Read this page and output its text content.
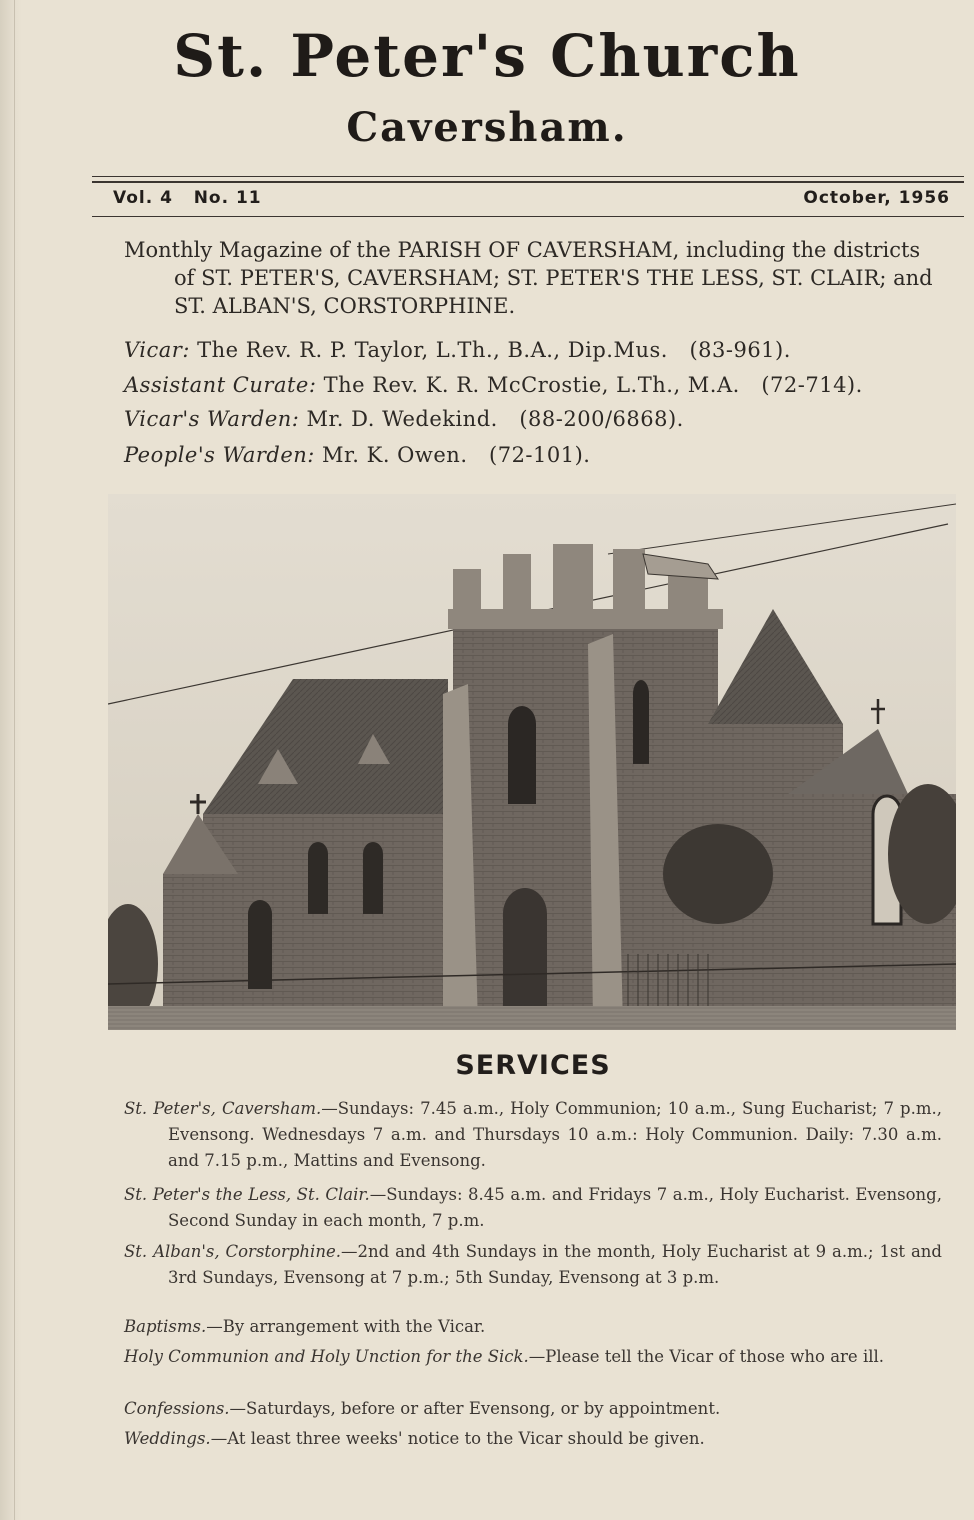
St. Peter's Church
Caversham.
Vol. 4   No. 11	October, 1956

Monthly Magazine of the PARISH OF CAVERSHAM, including the districts of ST. PETER'S, CAVERSHAM; ST. PETER'S THE LESS, ST. CLAIR; and ST. ALBAN'S, CORSTORPHINE.

Vicar: The Rev. R. P. Taylor, L.Th., B.A., Dip.Mus.   (83-961).
Assistant Curate: The Rev. K. R. McCrostie, L.Th., M.A.   (72-714).
Vicar's Warden: Mr. D. Wedekind.   (88-200/6868).
People's Warden: Mr. K. Owen.   (72-101).
SERVICES

St. Peter's, Caversham.—Sundays: 7.45 a.m., Holy Communion; 10 a.m., Sung Eucharist; 7 p.m., Evensong. Wednesdays 7 a.m. and Thursdays 10 a.m.: Holy Communion. Daily: 7.30 a.m. and 7.15 p.m., Mattins and Evensong.

St. Peter's the Less, St. Clair.—Sundays: 8.45 a.m. and Fridays 7 a.m., Holy Eucharist. Evensong, Second Sunday in each month, 7 p.m.

St. Alban's, Corstorphine.—2nd and 4th Sundays in the month, Holy Eucharist at 9 a.m.; 1st and 3rd Sundays, Evensong at 7 p.m.; 5th Sunday, Evensong at 3 p.m.

Baptisms.—By arrangement with the Vicar.

Holy Communion and Holy Unction for the Sick.—Please tell the Vicar of those who are ill.

Confessions.—Saturdays, before or after Evensong, or by appointment.

Weddings.—At least three weeks' notice to the Vicar should be given.
